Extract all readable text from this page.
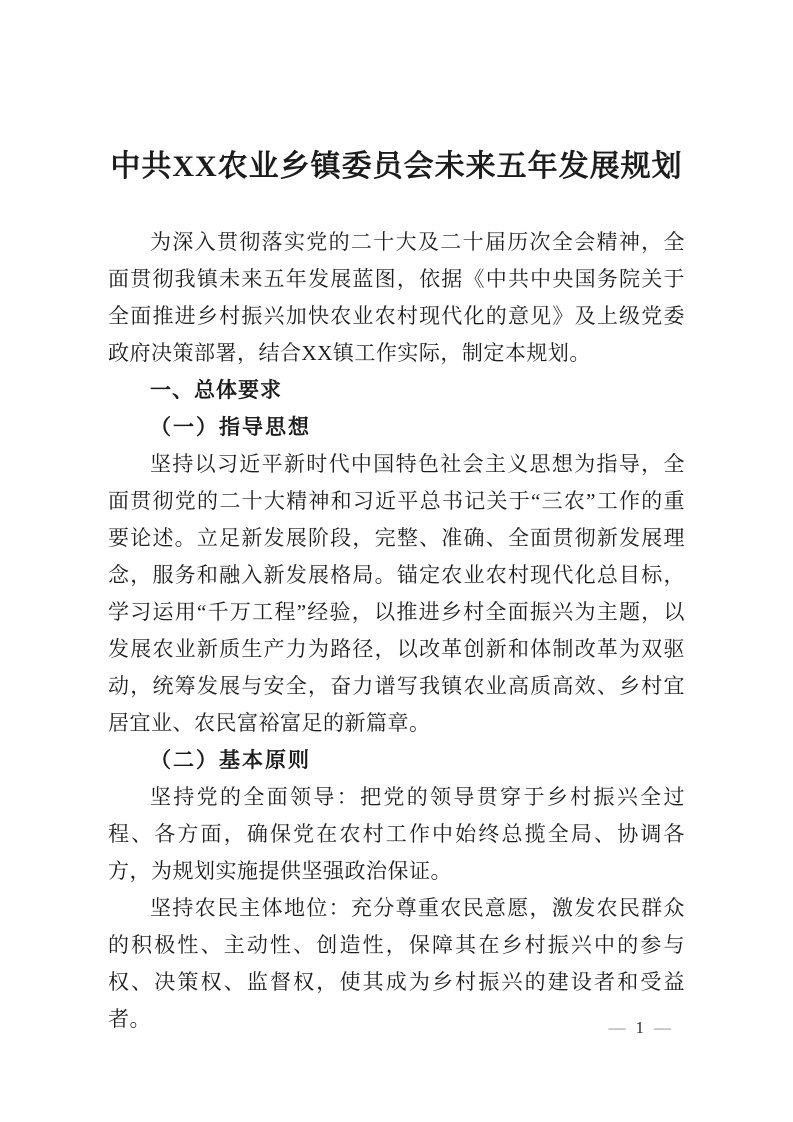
中共XX农业乡镇委员会未来五年发展规划

为深入贯彻落实党的二十大及二十届历次全会精神，全面贯彻我镇未来五年发展蓝图，依据《中共中央国务院关于全面推进乡村振兴加快农业农村现代化的意见》及上级党委政府决策部署，结合XX镇工作实际，制定本规划。

一、总体要求
（一）指导思想

坚持以习近平新时代中国特色社会主义思想为指导，全面贯彻党的二十大精神和习近平总书记关于“三农”工作的重要论述。立足新发展阶段，完整、准确、全面贯彻新发展理念，服务和融入新发展格局。锚定农业农村现代化总目标，学习运用“千万工程”经验，以推进乡村全面振兴为主题，以发展农业新质生产力为路径，以改革创新和体制改革为双驱动，统筹发展与安全，奋力谱写我镇农业高质高效、乡村宜居宜业、农民富裕富足的新篇章。

（二）基本原则

坚持党的全面领导：把党的领导贯穿于乡村振兴全过程、各方面，确保党在农村工作中始终总揽全局、协调各方，为规划实施提供坚强政治保证。

坚持农民主体地位：充分尊重农民意愿，激发农民群众的积极性、主动性、创造性，保障其在乡村振兴中的参与权、决策权、监督权，使其成为乡村振兴的建设者和受益者。	— 1 —
